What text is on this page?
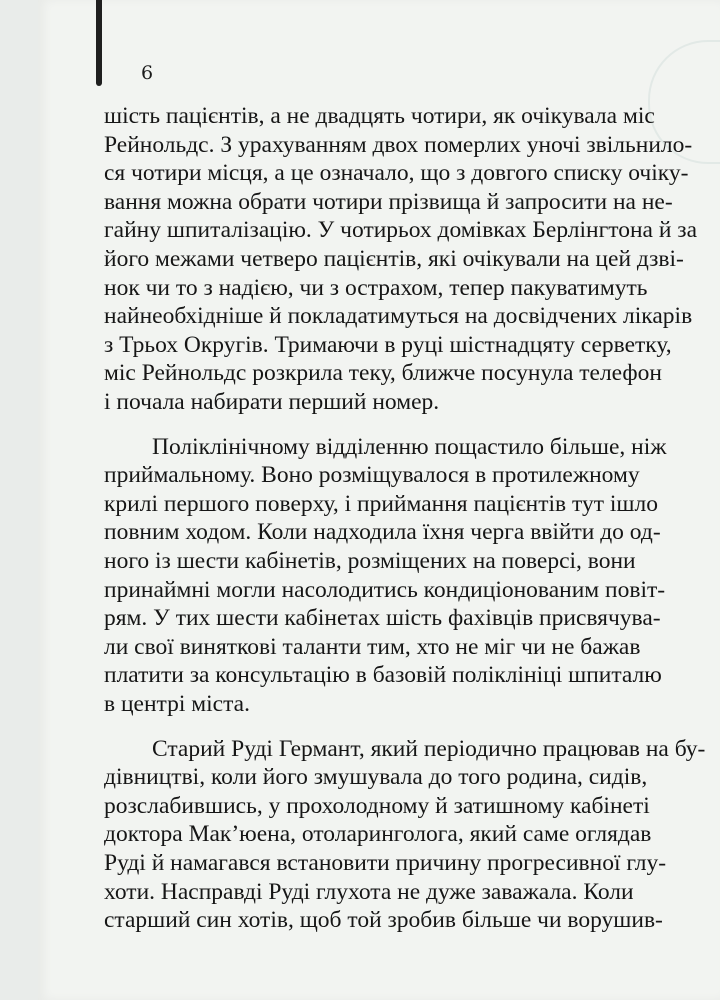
6
шість пацієнтів, а не двадцять чотири, як очікувала міс
Рейнольдс. З урахуванням двох померлих уночі звільнило-
ся чотири місця, а це означало, що з довгого списку очіку-
вання можна обрати чотири прізвища й запросити на не-
гайну шпиталізацію. У чотирьох домівках Берлінгтона й за
його межами четверо пацієнтів, які очікували на цей дзві-
нок чи то з надією, чи з острахом, тепер пакуватимуть
найнеобхідніше й покладатимуться на досвідчених лікарів
з Трьох Округів. Тримаючи в руці шістнадцяту серветку,
міс Рейнольдс розкрила теку, ближче посунула телефон
і почала набирати перший номер.
Поліклінічному відділенню пощастило більше, ніж
приймальному. Воно розміщувалося в протилежному
крилі першого поверху, і приймання пацієнтів тут ішло
повним ходом. Коли надходила їхня черга ввійти до од-
ного із шести кабінетів, розміщених на поверсі, вони
принаймні могли насолодитись кондиціонованим повіт-
рям. У тих шести кабінетах шість фахівців присвячува-
ли свої виняткові таланти тим, хто не міг чи не бажав
платити за консультацію в базовій поліклініці шпиталю
в центрі міста.
Старий Руді Гермaнт, який періодично працював на бу-
дівництві, коли його змушувала до того родина, сидів,
розслабившись, у прохолодному й затишному кабінеті
доктора Мак’юена, отоларинголога, який саме оглядав
Руді й намагався встановити причину прогресивної глу-
хоти. Насправді Руді глухота не дуже заважала. Коли
старший син хотів, щоб той зробив більше чи ворушив-
